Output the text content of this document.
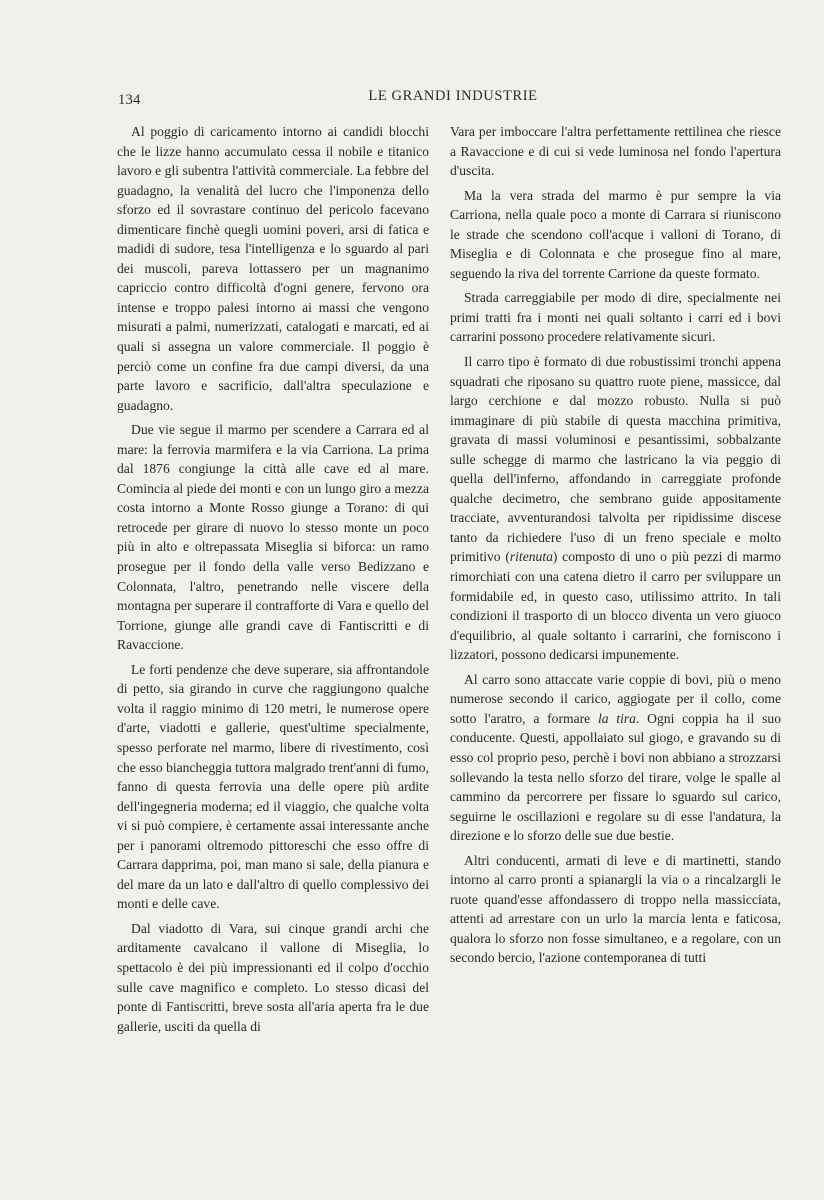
134	LE GRANDI INDUSTRIE

Al poggio di caricamento intorno ai candidi blocchi che le lizze hanno accumulato cessa il nobile e titanico lavoro e gli subentra l'attività commerciale. La febbre del guadagno, la venalità del lucro che l'imponenza dello sforzo ed il sovrastare continuo del pericolo facevano dimenticare finchè quegli uomini poveri, arsi di fatica e madidi di sudore, tesa l'intelligenza e lo sguardo al pari dei muscoli, pareva lottassero per un magnanimo capriccio contro difficoltà d'ogni genere, fervono ora intense e troppo palesi intorno ai massi che vengono misurati a palmi, numerizzati, catalogati e marcati, ed ai quali si assegna un valore commerciale. Il poggio è perciò come un confine fra due campi diversi, da una parte lavoro e sacrificio, dall'altra speculazione e guadagno.

Due vie segue il marmo per scendere a Carrara ed al mare: la ferrovia marmifera e la via Carriona. La prima dal 1876 congiunge la città alle cave ed al mare. Comincia al piede dei monti e con un lungo giro a mezza costa intorno a Monte Rosso giunge a Torano: di qui retrocede per girare di nuovo lo stesso monte un poco più in alto e oltrepassata Miseglia si biforca: un ramo prosegue per il fondo della valle verso Bedizzano e Colonnata, l'altro, penetrando nelle viscere della montagna per superare il contrafforte di Vara e quello del Torrione, giunge alle grandi cave di Fantiscritti e di Ravaccione.

Le forti pendenze che deve superare, sia affrontandole di petto, sia girando in curve che raggiungono qualche volta il raggio minimo di 120 metri, le numerose opere d'arte, viadotti e gallerie, quest'ultime specialmente, spesso perforate nel marmo, libere di rivestimento, così che esso biancheggia tuttora malgrado trent'anni di fumo, fanno di questa ferrovia una delle opere più ardite dell'ingegneria moderna; ed il viaggio, che qualche volta vi si può compiere, è certamente assai interessante anche per i panorami oltremodo pittoreschi che esso offre di Carrara dapprima, poi, man mano si sale, della pianura e del mare da un lato e dall'altro di quello complessivo dei monti e delle cave.

Dal viadotto di Vara, sui cinque grandi archi che arditamente cavalcano il vallone di Miseglia, lo spettacolo è dei più impressionanti ed il colpo d'occhio sulle cave magnifico e completo. Lo stesso dicasi del ponte di Fantiscritti, breve sosta all'aria aperta fra le due gallerie, usciti da quella di

Vara per imboccare l'altra perfettamente rettilinea che riesce a Ravaccione e di cui si vede luminosa nel fondo l'apertura d'uscita.

Ma la vera strada del marmo è pur sempre la via Carriona, nella quale poco a monte di Carrara si riuniscono le strade che scendono coll'acque i valloni di Torano, di Miseglia e di Colonnata e che prosegue fino al mare, seguendo la riva del torrente Carrione da queste formato.

Strada carreggiabile per modo di dire, specialmente nei primi tratti fra i monti nei quali soltanto i carri ed i bovi carrarini possono procedere relativamente sicuri.

Il carro tipo è formato di due robustissimi tronchi appena squadrati che riposano su quattro ruote piene, massicce, dal largo cerchione e dal mozzo robusto. Nulla si può immaginare di più stabile di questa macchina primitiva, gravata di massi voluminosi e pesantissimi, sobbalzante sulle schegge di marmo che lastricano la via peggio di quella dell'inferno, affondando in carreggiate profonde qualche decimetro, che sembrano guide appositamente tracciate, avventurandosi talvolta per ripidissime discese tanto da richiedere l'uso di un freno speciale e molto primitivo (ritenuta) composto di uno o più pezzi di marmo rimorchiati con una catena dietro il carro per sviluppare un formidabile ed, in questo caso, utilissimo attrito. In tali condizioni il trasporto di un blocco diventa un vero giuoco d'equilibrio, al quale soltanto i carrarini, che forniscono i lizzatori, possono dedicarsi impunemente.

Al carro sono attaccate varie coppie di bovi, più o meno numerose secondo il carico, aggiogate per il collo, come sotto l'aratro, a formare la tira. Ogni coppia ha il suo conducente. Questi, appollaiato sul giogo, e gravando su di esso col proprio peso, perchè i bovi non abbiano a strozzarsi sollevando la testa nello sforzo del tirare, volge le spalle al cammino da percorrere per fissare lo sguardo sul carico, seguirne le oscillazioni e regolare su di esse l'andatura, la direzione e lo sforzo delle sue due bestie.

Altri conducenti, armati di leve e di martinetti, stando intorno al carro pronti a spianargli la via o a rincalzargli le ruote quand'esse affondassero di troppo nella massicciata, attenti ad arrestare con un urlo la marcia lenta e faticosa, qualora lo sforzo non fosse simultaneo, e a regolare, con un secondo bercio, l'azione contemporanea di tutti
